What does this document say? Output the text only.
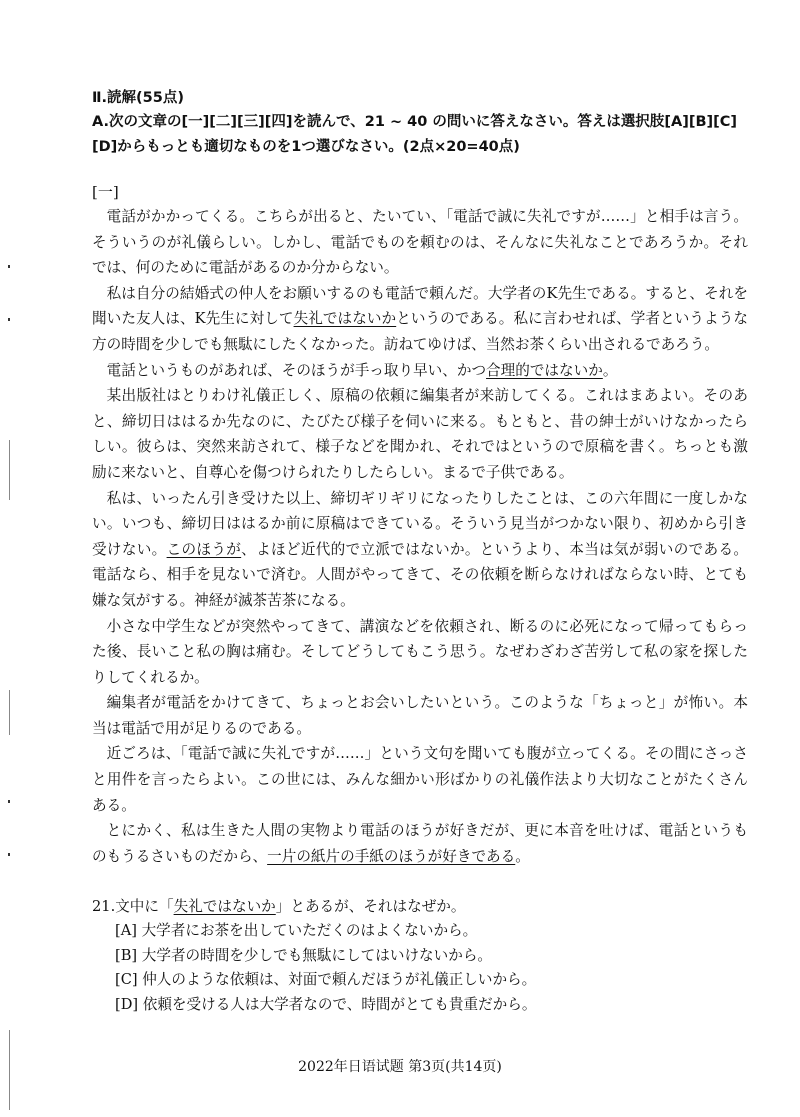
Ⅱ.読解(55点)
A.次の文章の[一][二][三][四]を読んで、21 ~ 40 の問いに答えなさい。答えは選択肢[A][B][C][D]からもっとも適切なものを1つ選びなさい。(2点×20=40点)
[一]

電話がかかってくる。こちらが出ると、たいてい、「電話で誠に失礼ですが……」と相手は言う。そういうのが礼儀らしい。しかし、電話でものを頼むのは、そんなに失礼なことであろうか。それでは、何のために電話があるのか分からない。

私は自分の結婚式の仲人をお願いするのも電話で頼んだ。大学者のK先生である。すると、それを聞いた友人は、K先生に対して失礼ではないかというのである。私に言わせれば、学者というような方の時間を少しでも無駄にしたくなかった。訪ねてゆけば、当然お茶くらい出されるであろう。

電話というものがあれば、そのほうが手っ取り早い、かつ合理的ではないか。

某出版社はとりわけ礼儀正しく、原稿の依頼に編集者が来訪してくる。これはまあよい。そのあと、締切日ははるか先なのに、たびたび様子を伺いに来る。もともと、昔の紳士がいけなかったらしい。彼らは、突然来訪されて、様子などを聞かれ、それではというので原稿を書く。ちっとも激励に来ないと、自尊心を傷つけられたりしたらしい。まるで子供である。

私は、いったん引き受けた以上、締切ギリギリになったりしたことは、この六年間に一度しかない。いつも、締切日ははるか前に原稿はできている。そういう見当がつかない限り、初めから引き受けない。このほうが、よほど近代的で立派ではないか。というより、本当は気が弱いのである。電話なら、相手を見ないで済む。人間がやってきて、その依頼を断らなければならない時、とても嫌な気がする。神経が滅茶苦茶になる。

小さな中学生などが突然やってきて、講演などを依頼され、断るのに必死になって帰ってもらった後、長いこと私の胸は痛む。そしてどうしてもこう思う。なぜわざわざ苦労して私の家を探したりしてくれるか。

編集者が電話をかけてきて、ちょっとお会いしたいという。このような「ちょっと」が怖い。本当は電話で用が足りるのである。

近ごろは、「電話で誠に失礼ですが……」という文句を聞いても腹が立ってくる。その間にさっさと用件を言ったらよい。この世には、みんな細かい形ばかりの礼儀作法より大切なことがたくさんある。

とにかく、私は生きた人間の実物より電話のほうが好きだが、更に本音を吐けば、電話というものもうるさいものだから、一片の紙片の手紙のほうが好きである。

21.文中に「失礼ではないか」とあるが、それはなぜか。
[A] 大学者にお茶を出していただくのはよくないから。
[B] 大学者の時間を少しでも無駄にしてはいけないから。
[C] 仲人のような依頼は、対面で頼んだほうが礼儀正しいから。
[D] 依頼を受ける人は大学者なので、時間がとても貴重だから。
2022年日语试题 第3页(共14页)
